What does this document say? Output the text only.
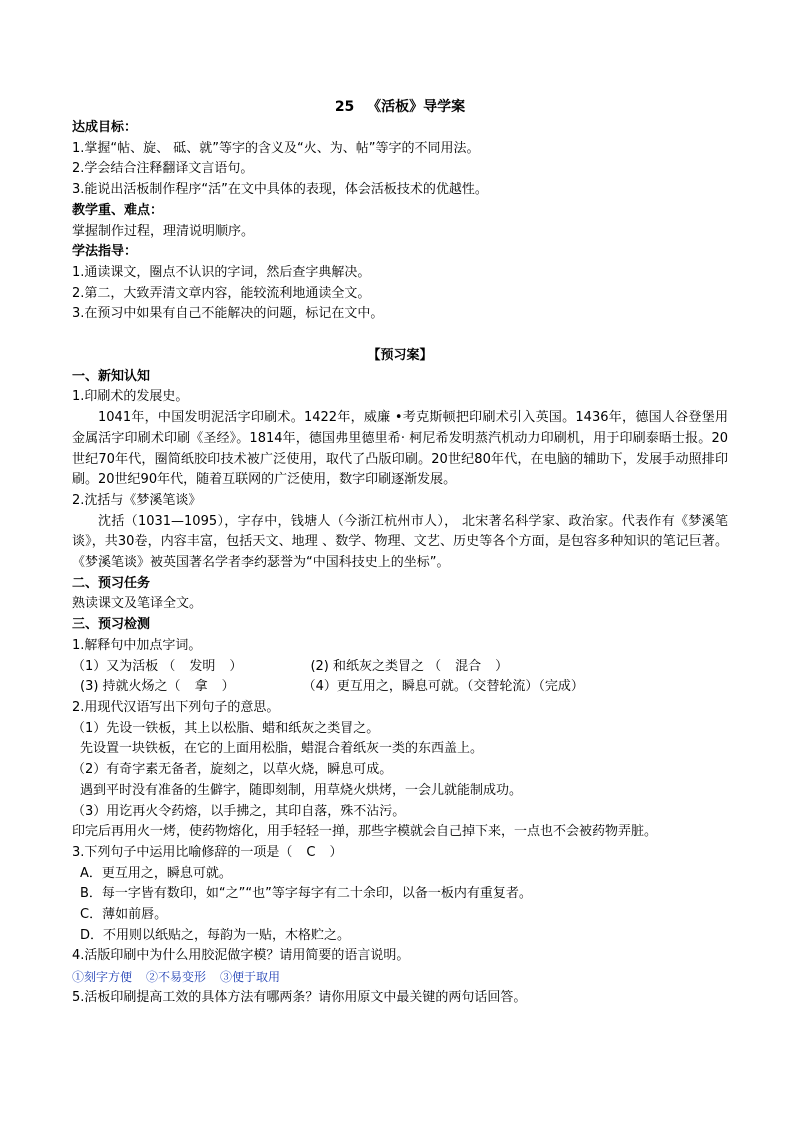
25 《活板》导学案
达成目标：
1.掌握“帖、旋、 砥、就”等字的含义及“火、为、帖”等字的不同用法。
2.学会结合注释翻译文言语句。
3.能说出活板制作程序“活”在文中具体的表现，体会活板技术的优越性。
教学重、难点：
掌握制作过程，理清说明顺序。
学法指导：
1.通读课文，圈点不认识的字词，然后查字典解决。
2.第二，大致弄清文章内容，能较流利地通读全文。
3.在预习中如果有自己不能解决的问题，标记在文中。
【预习案】
一、新知认知
1.印刷术的发展史。
1041年，中国发明泥活字印刷术。1422年，威廉 •考克斯顿把印刷术引入英国。1436年，德国人谷登堡用金属活字印刷术印刷《圣经》。1814年，德国弗里德里希· 柯尼希发明蒸汽机动力印刷机，用于印刷泰晤士报。20世纪70年代，圈简纸胶印技术被广泛使用，取代了凸版印刷。20世纪80年代，在电脑的辅助下，发展手动照排印刷。20世纪90年代，随着互联网的广泛使用，数字印刷逐渐发展。
2.沈括与《梦溪笔谈》
沈括（1031—1095），字存中，钱塘人（今浙江杭州市人）， 北宋著名科学家、政治家。代表作有《梦溪笔谈》，共30卷，内容丰富，包括天文、地理 、数学、物理、文艺、历史等各个方面，是包容多种知识的笔记巨著。《梦溪笔谈》被英国著名学者李约瑟誉为“中国科技史上的坐标”。
二、预习任务
熟读课文及笔译全文。
三、预习检测
1.解释句中加点字词。
（1）又为活板 （ 发明 ）	(2) 和纸灰之类冒之 （ 混合 ）
(3) 持就火炀之（ 拿 ）	（4）更互用之，瞬息可就。（交替轮流）（完成）
2.用现代汉语写出下列句子的意思。
（1）先设一铁板，其上以松脂、蜡和纸灰之类冒之。
先设置一块铁板，在它的上面用松脂，蜡混合着纸灰一类的东西盖上。
（2）有奇字素无备者，旋刻之，以草火烧，瞬息可成。
遇到平时没有准备的生僻字，随即刻制，用草烧火烘烤，一会儿就能制成功。
（3）用讫再火令药熔，以手拂之，其印自落，殊不沾污。
印完后再用火一烤，使药物熔化，用手轻轻一掸，那些字模就会自己掉下来，一点也不会被药物弄脏。
3.下列句子中运用比喻修辞的一项是（ C ）
A．更互用之，瞬息可就。
B．每一字皆有数印，如“之”“也”等字每字有二十余印，以备一板内有重复者。
C．薄如前唇。
D．不用则以纸贴之，每韵为一贴，木格贮之。
4.活版印刷中为什么用胶泥做字模？请用简要的语言说明。
①刻字方便 ②不易变形 ③便于取用
5.活板印刷提高工效的具体方法有哪两条？请你用原文中最关键的两句话回答。
